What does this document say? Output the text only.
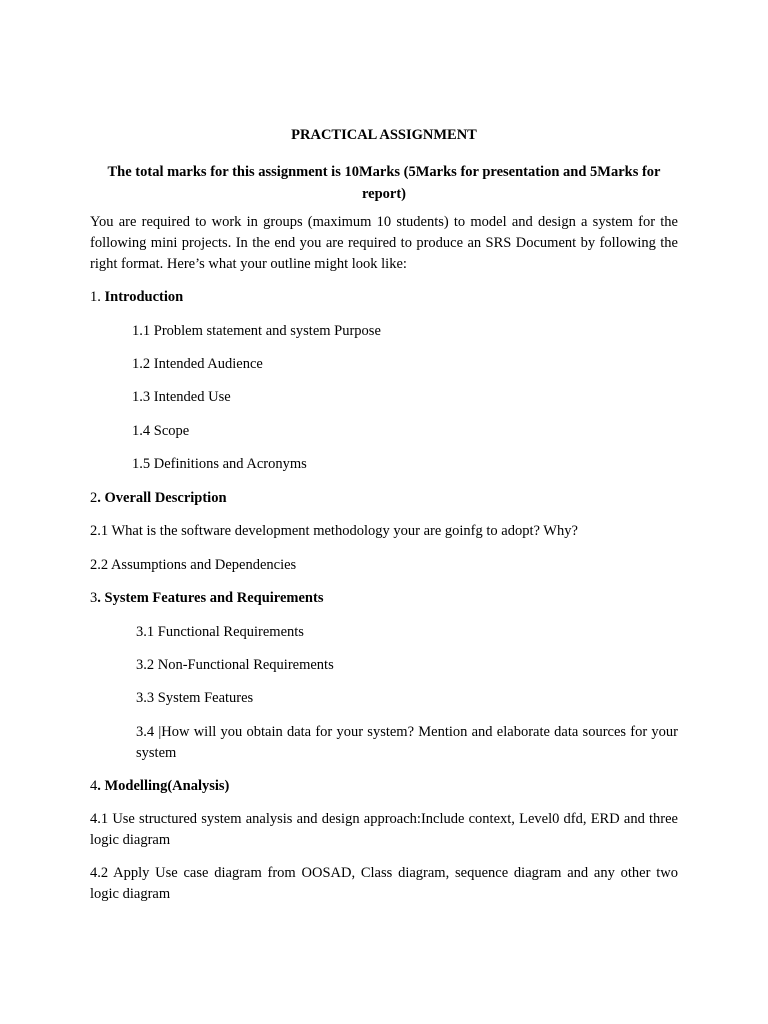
PRACTICAL ASSIGNMENT

The total marks for this assignment is 10Marks (5Marks for presentation and 5Marks for report)

You are required to work in groups (maximum 10 students) to model and design a system for the following mini projects. In the end you are required to produce an SRS Document by following the right format. Here’s what your outline might look like:

1. Introduction

1.1 Problem statement and system Purpose

1.2 Intended Audience

1.3 Intended Use

1.4 Scope

1.5 Definitions and Acronyms

2. Overall Description

2.1 What is the software development methodology your are goinfg to adopt? Why?

2.2 Assumptions and Dependencies

3. System Features and Requirements

3.1 Functional Requirements

3.2 Non-Functional Requirements

3.3 System Features

3.4 |How will you obtain data for your system? Mention and elaborate data sources for your system

4. Modelling(Analysis)

4.1 Use structured system analysis and design approach:Include context, Level0 dfd, ERD and three logic diagram

4.2 Apply Use case diagram from OOSAD, Class diagram, sequence diagram and any other two logic diagram
